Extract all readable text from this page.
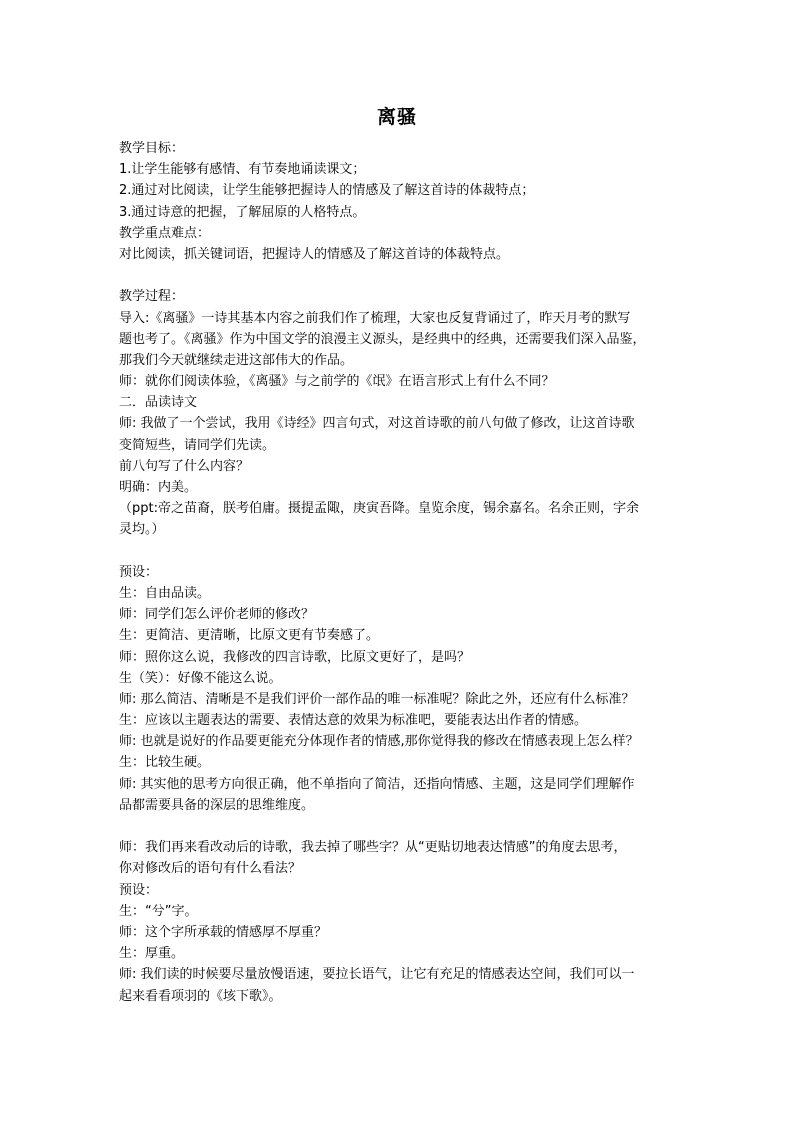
离骚
教学目标：
1.让学生能够有感情、有节奏地诵读课文；
2.通过对比阅读，让学生能够把握诗人的情感及了解这首诗的体裁特点；
3.通过诗意的把握，了解屈原的人格特点。
教学重点难点：
对比阅读，抓关键词语，把握诗人的情感及了解这首诗的体裁特点。
教学过程：
导入:《离骚》一诗其基本内容之前我们作了梳理，大家也反复背诵过了，昨天月考的默写
题也考了。《离骚》作为中国文学的浪漫主义源头，是经典中的经典，还需要我们深入品鉴，
那我们今天就继续走进这部伟大的作品。
师：就你们阅读体验，《离骚》与之前学的《氓》在语言形式上有什么不同？
二．品读诗文
师: 我做了一个尝试，我用《诗经》四言句式，对这首诗歌的前八句做了修改，让这首诗歌
变简短些，请同学们先读。
前八句写了什么内容？
明确：内美。
（ppt:帝之苗裔，朕考伯庸。摄提孟陬，庚寅吾降。皇览余度，锡余嘉名。名余正则，字余
灵均。）
预设：
生：自由品读。
师：同学们怎么评价老师的修改？
生：更简洁、更清晰，比原文更有节奏感了。
师：照你这么说，我修改的四言诗歌，比原文更好了，是吗？
生（笑）：好像不能这么说。
师: 那么简洁、清晰是不是我们评价一部作品的唯一标准呢？除此之外，还应有什么标准？
生：应该以主题表达的需要、表情达意的效果为标准吧，要能表达出作者的情感。
师: 也就是说好的作品要更能充分体现作者的情感,那你觉得我的修改在情感表现上怎么样？
生：比较生硬。
师: 其实他的思考方向很正确，他不单指向了简洁，还指向情感、主题，这是同学们理解作
品都需要具备的深层的思维维度。
师：我们再来看改动后的诗歌，我去掉了哪些字？从“更贴切地表达情感”的角度去思考，
你对修改后的语句有什么看法？
预设：
生：“兮”字。
师：这个字所承载的情感厚不厚重？
生：厚重。
师: 我们读的时候要尽量放慢语速，要拉长语气，让它有充足的情感表达空间，我们可以一
起来看看项羽的《垓下歌》。
